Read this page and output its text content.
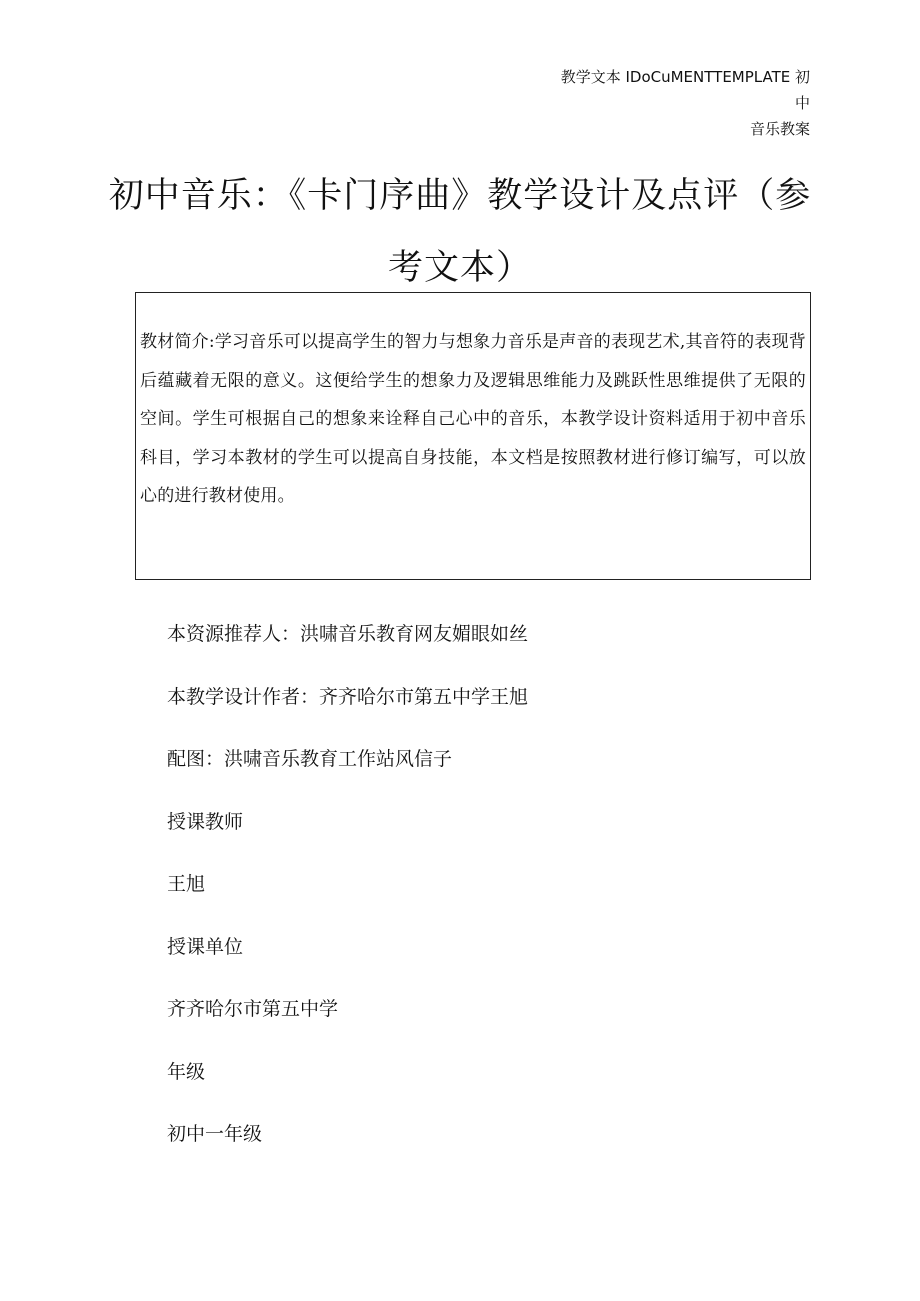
教学文本 IDoCuMENTTEMPLATE 初中
音乐教案
初中音乐：《卡门序曲》教学设计及点评（参考文本）
教材简介:学习音乐可以提高学生的智力与想象力音乐是声音的表现艺术,其音符的表现背后蕴藏着无限的意义。这便给学生的想象力及逻辑思维能力及跳跃性思维提供了无限的空间。学生可根据自己的想象来诠释自己心中的音乐，本教学设计资料适用于初中音乐科目，学习本教材的学生可以提高自身技能，本文档是按照教材进行修订编写，可以放心的进行教材使用。
本资源推荐人：洪啸音乐教育网友媚眼如丝
本教学设计作者：齐齐哈尔市第五中学王旭
配图：洪啸音乐教育工作站风信子
授课教师
王旭
授课单位
齐齐哈尔市第五中学
年级
初中一年级
